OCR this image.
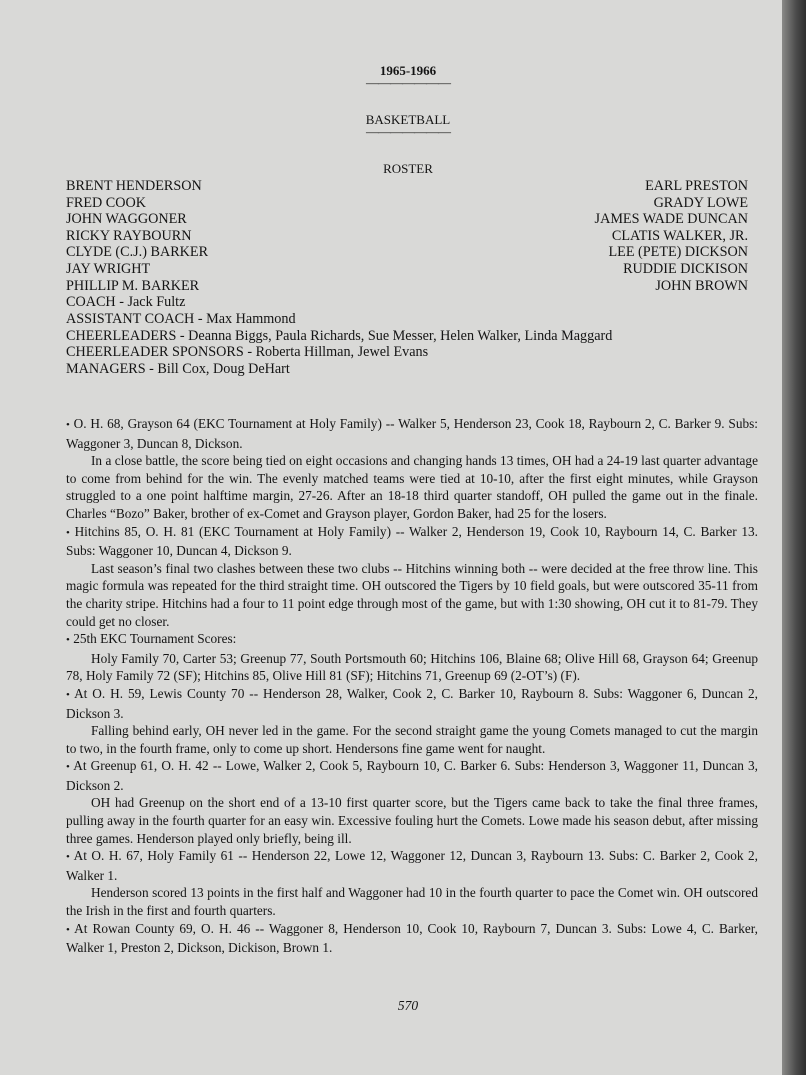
1965-1966
———————
BASKETBALL
———————
ROSTER
BRENT HENDERSON	EARL PRESTON
FRED COOK	GRADY LOWE
JOHN WAGGONER	JAMES WADE DUNCAN
RICKY RAYBOURN	CLATIS WALKER, JR.
CLYDE (C.J.) BARKER	LEE (PETE) DICKSON
JAY WRIGHT	RUDDIE DICKISON
PHILLIP M. BARKER	JOHN BROWN
COACH - Jack Fultz
ASSISTANT COACH - Max Hammond
CHEERLEADERS - Deanna Biggs, Paula Richards, Sue Messer, Helen Walker, Linda Maggard
CHEERLEADER SPONSORS - Roberta Hillman, Jewel Evans
MANAGERS - Bill Cox, Doug DeHart

• O. H. 68, Grayson 64 (EKC Tournament at Holy Family) -- Walker 5, Henderson 23, Cook 18, Raybourn 2, C. Barker 9. Subs: Waggoner 3, Duncan 8, Dickson.

In a close battle, the score being tied on eight occasions and changing hands 13 times, OH had a 24-19 last quarter advantage to come from behind for the win. The evenly matched teams were tied at 10-10, after the first eight minutes, while Grayson struggled to a one point halftime margin, 27-26. After an 18-18 third quarter standoff, OH pulled the game out in the finale. Charles “Bozo” Baker, brother of ex-Comet and Grayson player, Gordon Baker, had 25 for the losers.

• Hitchins 85, O. H. 81 (EKC Tournament at Holy Family) -- Walker 2, Henderson 19, Cook 10, Raybourn 14, C. Barker 13. Subs: Waggoner 10, Duncan 4, Dickson 9.

Last season’s final two clashes between these two clubs -- Hitchins winning both -- were decided at the free throw line. This magic formula was repeated for the third straight time. OH outscored the Tigers by 10 field goals, but were outscored 35-11 from the charity stripe. Hitchins had a four to 11 point edge through most of the game, but with 1:30 showing, OH cut it to 81-79. They could get no closer.

• 25th EKC Tournament Scores:

Holy Family 70, Carter 53; Greenup 77, South Portsmouth 60; Hitchins 106, Blaine 68; Olive Hill 68, Grayson 64; Greenup 78, Holy Family 72 (SF); Hitchins 85, Olive Hill 81 (SF); Hitchins 71, Greenup 69 (2-OT’s) (F).

• At O. H. 59, Lewis County 70 -- Henderson 28, Walker, Cook 2, C. Barker 10, Raybourn 8. Subs: Waggoner 6, Duncan 2, Dickson 3.

Falling behind early, OH never led in the game. For the second straight game the young Comets managed to cut the margin to two, in the fourth frame, only to come up short. Hendersons fine game went for naught.

• At Greenup 61, O. H. 42 -- Lowe, Walker 2, Cook 5, Raybourn 10, C. Barker 6. Subs: Henderson 3, Waggoner 11, Duncan 3, Dickson 2.

OH had Greenup on the short end of a 13-10 first quarter score, but the Tigers came back to take the final three frames, pulling away in the fourth quarter for an easy win. Excessive fouling hurt the Comets. Lowe made his season debut, after missing three games. Henderson played only briefly, being ill.

• At O. H. 67, Holy Family 61 -- Henderson 22, Lowe 12, Waggoner 12, Duncan 3, Raybourn 13. Subs: C. Barker 2, Cook 2, Walker 1.

Henderson scored 13 points in the first half and Waggoner had 10 in the fourth quarter to pace the Comet win. OH outscored the Irish in the first and fourth quarters.

• At Rowan County 69, O. H. 46 -- Waggoner 8, Henderson 10, Cook 10, Raybourn 7, Duncan 3. Subs: Lowe 4, C. Barker, Walker 1, Preston 2, Dickson, Dickison, Brown 1.

570
